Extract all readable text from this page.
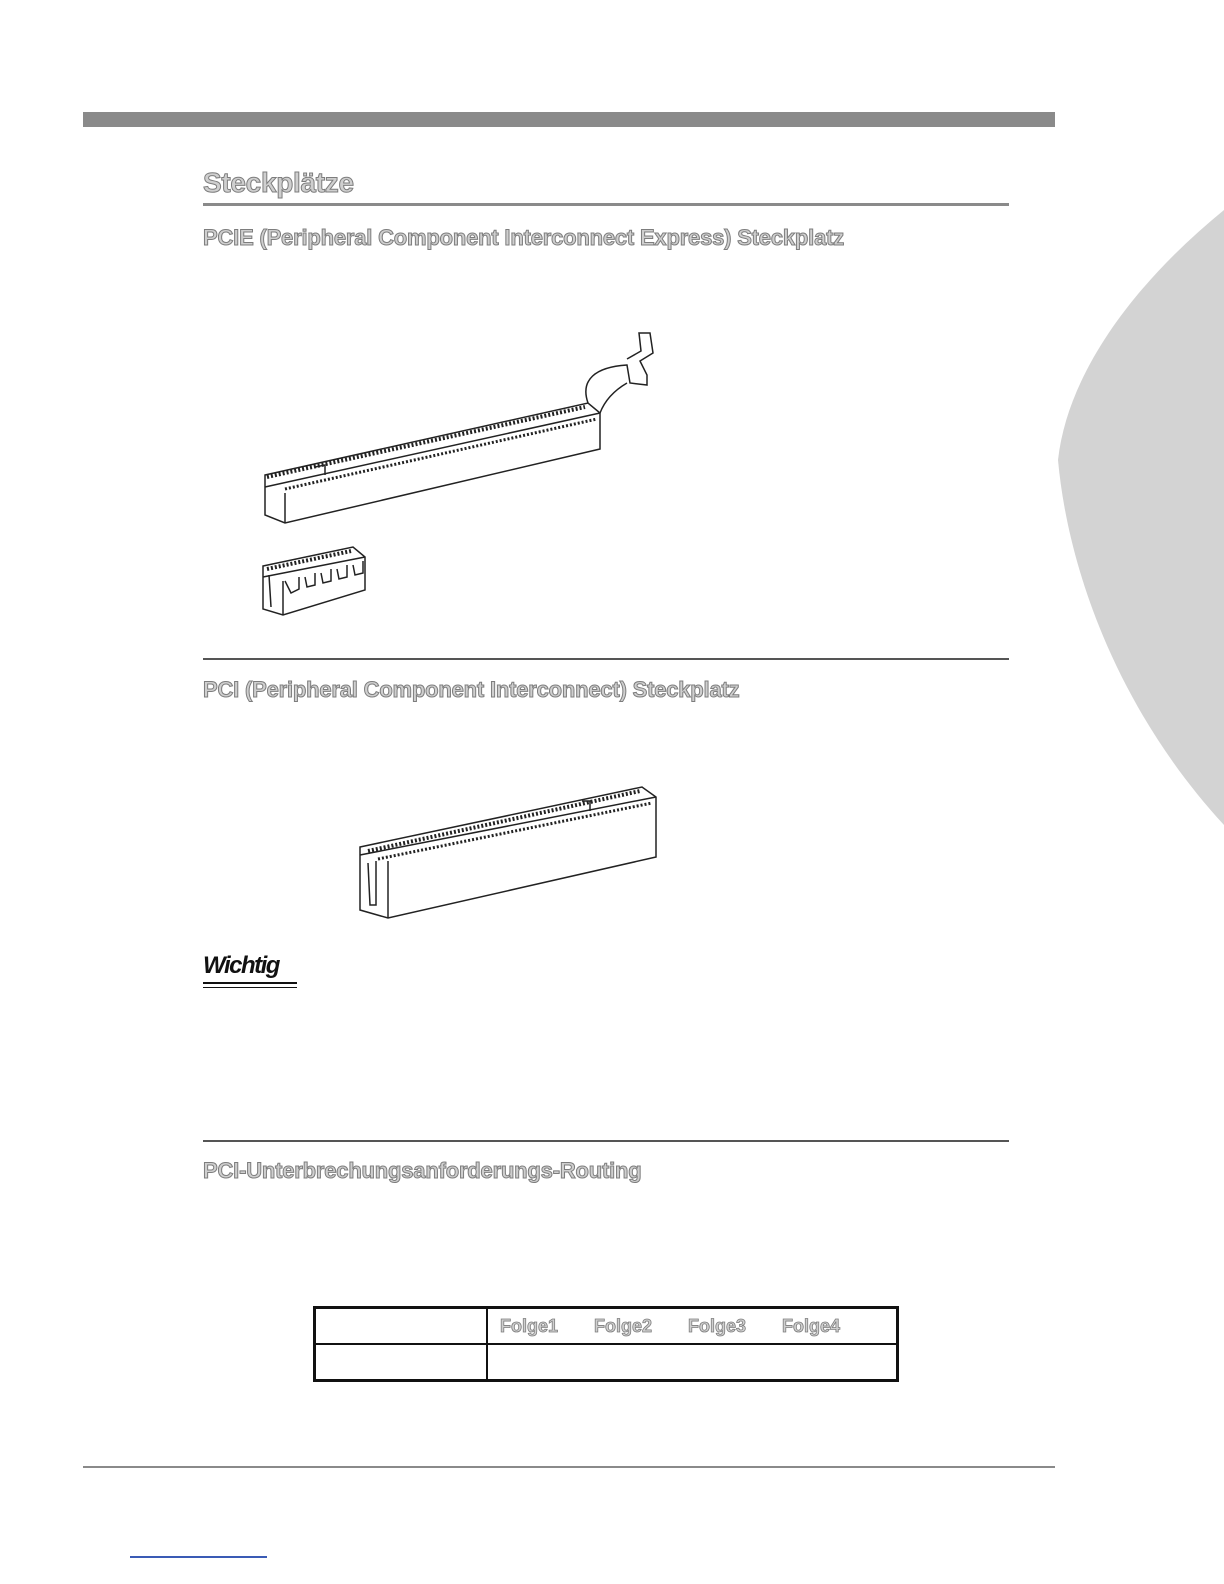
Steckplätze
PCIE (Peripheral Component Interconnect Express) Steckplatz
PCI (Peripheral Component Interconnect) Steckplatz

Wichtig

PCI-Unterbrechungsanforderungs-Routing

	Folge1 Folge2 Folge3 Folge4
